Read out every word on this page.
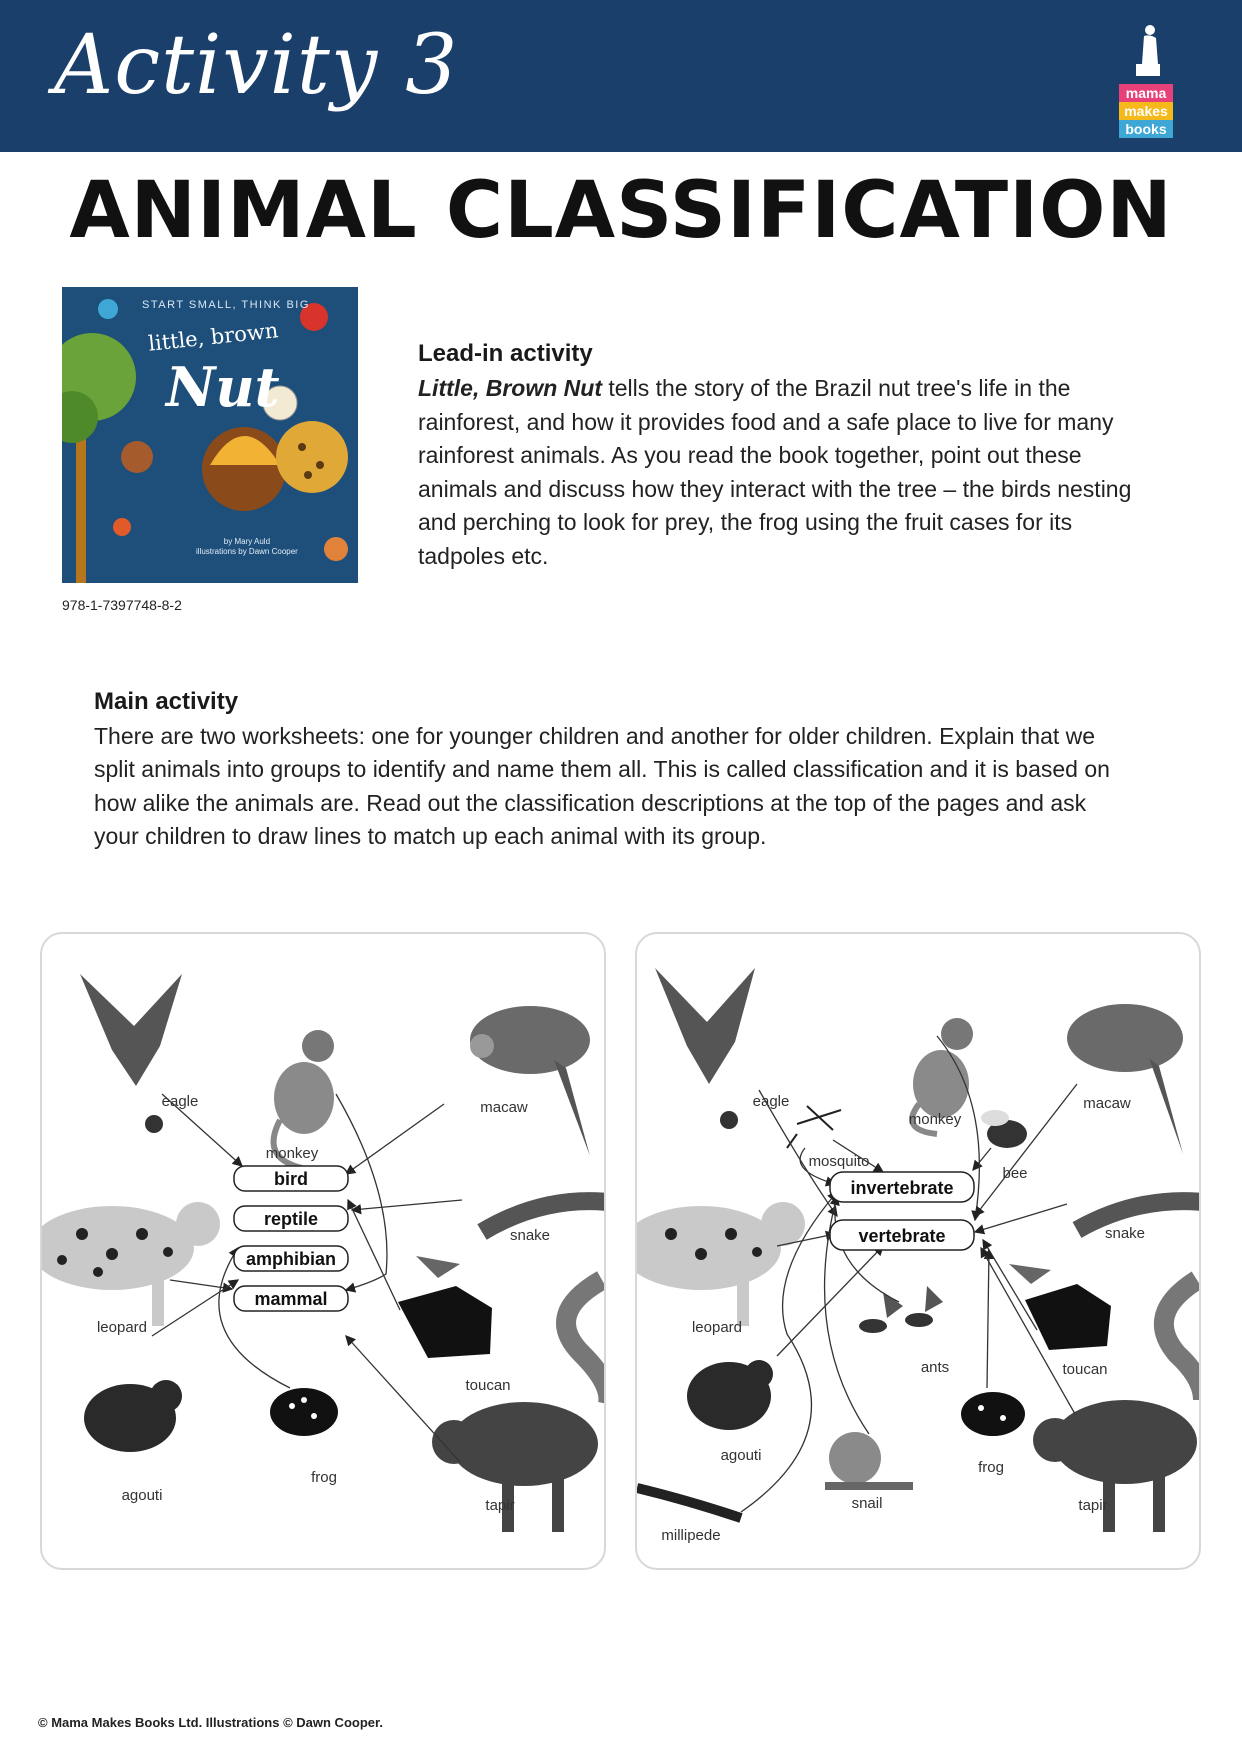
Activity 3	mama
makes
books
ANIMAL CLASSIFICATION
START SMALL, THINK BIG
little, brown
Nut
by Mary Auld
illustrations by Dawn Cooper
978-1-7397748-8-2
Lead-in activity
Little, Brown Nut tells the story of the Brazil nut tree's life in the rainforest, and how it provides food and a safe place to live for many rainforest animals. As you read the book together, point out these animals and discuss how they interact with the tree – the birds nesting and perching to look for prey, the frog using the fruit cases for its tadpoles etc.
Main activity
There are two worksheets: one for younger children and another for older children. Explain that we split animals into groups to identify and name them all. This is called classification and it is based on how alike the animals are. Read out the classification descriptions at the top of the pages and ask your children to draw lines to match up each animal with its group.
bird
reptile
amphibian
mammal
eagle
monkey
macaw
leopard
snake
toucan
agouti
frog
tapir
invertebrate
vertebrate
eagle
monkey
macaw
mosquito
bee
leopard
snake
ants	toucan
agouti
frog
snail	tapir
millipede
© Mama Makes Books Ltd. Illustrations © Dawn Cooper.
